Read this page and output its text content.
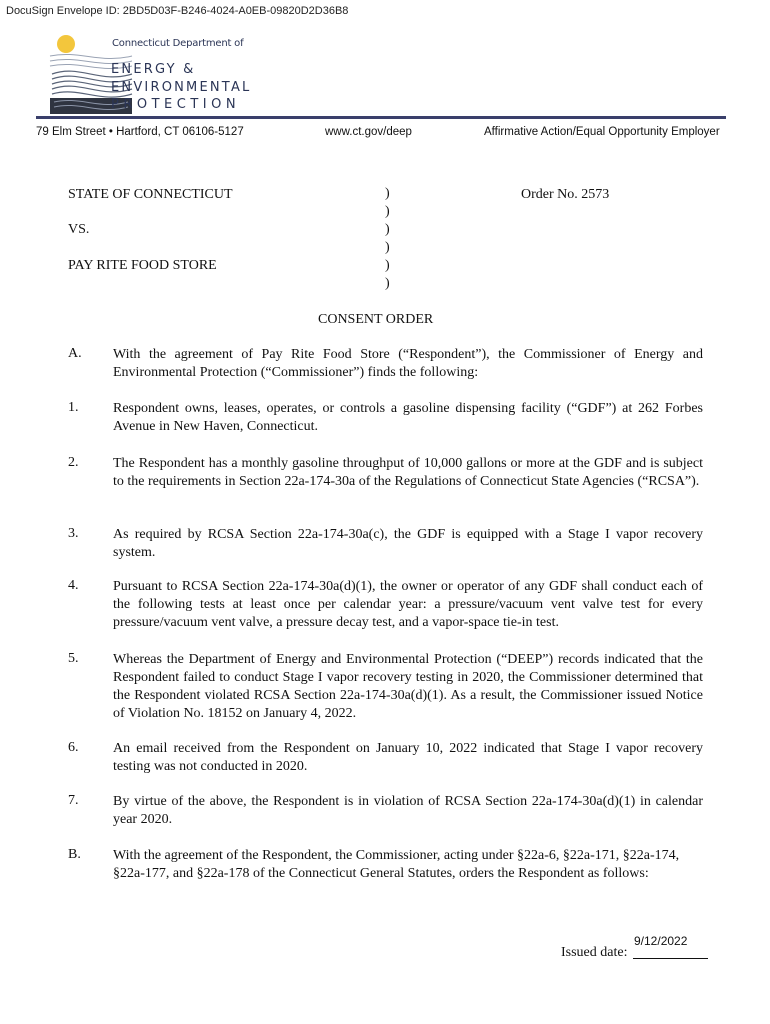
DocuSign Envelope ID: 2BD5D03F-B246-4024-A0EB-09820D2D36B8
Connecticut Department of
ENERGY &
ENVIRONMENTAL
PROTECTION
79 Elm Street • Hartford, CT 06106-5127	www.ct.gov/deep	Affirmative Action/Equal Opportunity Employer
STATE OF CONNECTICUT
VS.
PAY RITE FOOD STORE
Order No. 2573
)
)
)
)
)
)
CONSENT ORDER
A. With the agreement of Pay Rite Food Store (“Respondent”), the Commissioner of Energy and Environmental Protection (“Commissioner”) finds the following:
1. Respondent owns, leases, operates, or controls a gasoline dispensing facility (“GDF”) at 262 Forbes Avenue in New Haven, Connecticut.
2. The Respondent has a monthly gasoline throughput of 10,000 gallons or more at the GDF and is subject to the requirements in Section 22a-174-30a of the Regulations of Connecticut State Agencies (“RCSA”).
3. As required by RCSA Section 22a-174-30a(c), the GDF is equipped with a Stage I vapor recovery system.
4. Pursuant to RCSA Section 22a-174-30a(d)(1), the owner or operator of any GDF shall conduct each of the following tests at least once per calendar year: a pressure/vacuum vent valve test for every pressure/vacuum vent valve, a pressure decay test, and a vapor-space tie-in test.
5. Whereas the Department of Energy and Environmental Protection (“DEEP”) records indicated that the Respondent failed to conduct Stage I vapor recovery testing in 2020, the Commissioner determined that the Respondent violated RCSA Section 22a-174-30a(d)(1). As a result, the Commissioner issued Notice of Violation No. 18152 on January 4, 2022.
6. An email received from the Respondent on January 10, 2022 indicated that Stage I vapor recovery testing was not conducted in 2020.
7. By virtue of the above, the Respondent is in violation of RCSA Section 22a-174-30a(d)(1) in calendar year 2020.
B. With the agreement of the Respondent, the Commissioner, acting under §22a-6, §22a-171, §22a-174, §22a-177, and §22a-178 of the Connecticut General Statutes, orders the Respondent as follows:
Issued date:
9/12/2022
